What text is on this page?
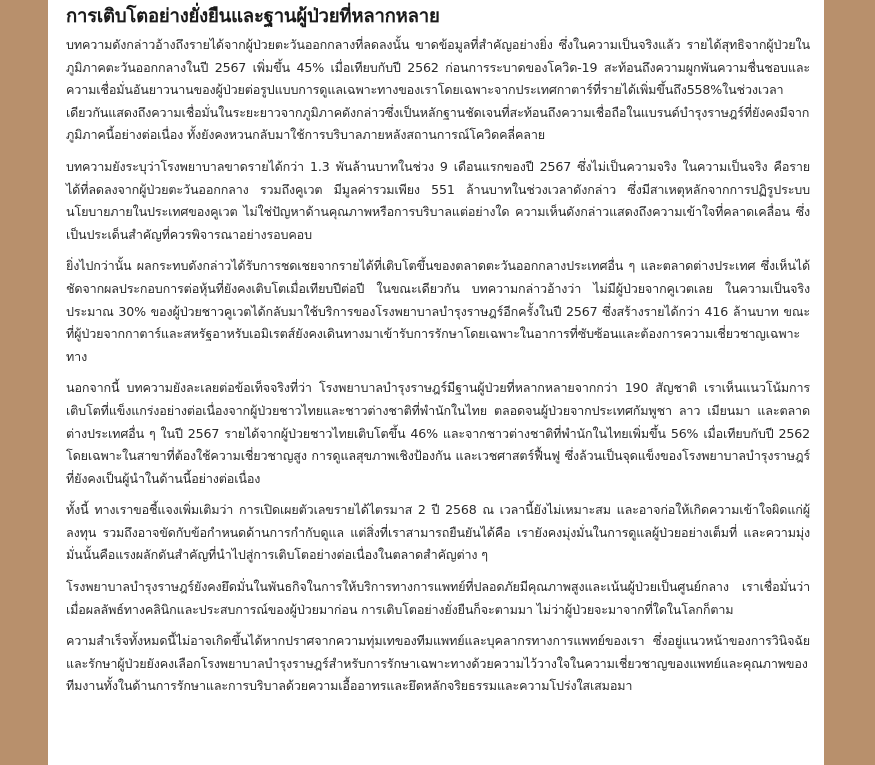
การเติบโตอย่างยั่งยืนและฐานผู้ป่วยที่หลากหลาย

บทความดังกล่าวอ้างถึงรายได้จากผู้ป่วยตะวันออกกลางที่ลดลงนั้น ขาดข้อมูลที่สำคัญอย่างยิ่ง ซึ่งในความเป็นจริงแล้ว รายได้สุทธิจากผู้ป่วยในภูมิภาคตะวันออกกลางในปี 2567 เพิ่มขึ้น 45% เมื่อเทียบกับปี 2562 ก่อนการระบาดของโควิด-19 สะท้อนถึงความผูกพันความชื่นชอบและความเชื่อมั่นอันยาวนานของผู้ป่วยต่อรูปแบบการดูแลเฉพาะทางของเราโดยเฉพาะจากประเทศกาตาร์ที่รายได้เพิ่มขึ้นถึง558%ในช่วงเวลาเดียวกันแสดงถึงความเชื่อมั่นในระยะยาวจากภูมิภาคดังกล่าวซึ่งเป็นหลักฐานชัดเจนที่สะท้อนถึงความเชื่อถือในแบรนด์บำรุงราษฎร์ที่ยังคงมีจากภูมิภาคนี้อย่างต่อเนื่อง ทั้งยังคงหวนกลับมาใช้การบริบาลภายหลังสถานการณ์โควิดคลี่คลาย

บทความยังระบุว่าโรงพยาบาลขาดรายได้กว่า 1.3 พันล้านบาทในช่วง 9 เดือนแรกของปี 2567 ซึ่งไม่เป็นความจริง ในความเป็นจริง คือรายได้ที่ลดลงจากผู้ป่วยตะวันออกกลาง รวมถึงคูเวต มีมูลค่ารวมเพียง 551 ล้านบาทในช่วงเวลาดังกล่าว ซึ่งมีสาเหตุหลักจากการปฏิรูประบบนโยบายภายในประเทศของคูเวต ไม่ใช่ปัญหาด้านคุณภาพหรือการบริบาลแต่อย่างใด ความเห็นดังกล่าวแสดงถึงความเข้าใจที่คลาดเคลื่อน ซึ่งเป็นประเด็นสำคัญที่ควรพิจารณาอย่างรอบคอบ

ยิ่งไปกว่านั้น ผลกระทบดังกล่าวได้รับการชดเชยจากรายได้ที่เติบโตขึ้นของตลาดตะวันออกกลางประเทศอื่น ๆ และตลาดต่างประเทศ ซึ่งเห็นได้ชัดจากผลประกอบการต่อหุ้นที่ยังคงเติบโตเมื่อเทียบปีต่อปี ในขณะเดียวกัน บทความกล่าวอ้างว่า ไม่มีผู้ป่วยจากคูเวตเลย ในความเป็นจริง ประมาณ 30% ของผู้ป่วยชาวคูเวตได้กลับมาใช้บริการของโรงพยาบาลบำรุงราษฎร์อีกครั้งในปี 2567 ซึ่งสร้างรายได้กว่า 416 ล้านบาท ขณะที่ผู้ป่วยจากกาตาร์และสหรัฐอาหรับเอมิเรตส์ยังคงเดินทางมาเข้ารับการรักษาโดยเฉพาะในอาการที่ซับซ้อนและต้องการความเชี่ยวชาญเฉพาะทาง

นอกจากนี้ บทความยังละเลยต่อข้อเท็จจริงที่ว่า โรงพยาบาลบำรุงราษฎร์มีฐานผู้ป่วยที่หลากหลายจากกว่า 190 สัญชาติ เราเห็นแนวโน้มการเติบโตที่แข็งแกร่งอย่างต่อเนื่องจากผู้ป่วยชาวไทยและชาวต่างชาติที่พำนักในไทย ตลอดจนผู้ป่วยจากประเทศกัมพูชา ลาว เมียนมา และตลาดต่างประเทศอื่น ๆ ในปี 2567 รายได้จากผู้ป่วยชาวไทยเติบโตขึ้น 46% และจากชาวต่างชาติที่พำนักในไทยเพิ่มขึ้น 56% เมื่อเทียบกับปี 2562 โดยเฉพาะในสาขาที่ต้องใช้ความเชี่ยวชาญสูง การดูแลสุขภาพเชิงป้องกัน และเวชศาสตร์ฟื้นฟู ซึ่งล้วนเป็นจุดแข็งของโรงพยาบาลบำรุงราษฎร์ที่ยังคงเป็นผู้นำในด้านนี้อย่างต่อเนื่อง

ทั้งนี้ ทางเราขอชี้แจงเพิ่มเติมว่า การเปิดเผยตัวเลขรายได้ไตรมาส 2 ปี 2568 ณ เวลานี้ยังไม่เหมาะสม และอาจก่อให้เกิดความเข้าใจผิดแก่ผู้ลงทุน รวมถึงอาจขัดกับข้อกำหนดด้านการกำกับดูแล แต่สิ่งที่เราสามารถยืนยันได้คือ เรายังคงมุ่งมั่นในการดูแลผู้ป่วยอย่างเต็มที่ และความมุ่งมั่นนั้นคือแรงผลักดันสำคัญที่นำไปสู่การเติบโตอย่างต่อเนื่องในตลาดสำคัญต่าง ๆ

โรงพยาบาลบำรุงราษฎร์ยังคงยึดมั่นในพันธกิจในการให้บริการทางการแพทย์ที่ปลอดภัยมีคุณภาพสูงและเน้นผู้ป่วยเป็นศูนย์กลาง เราเชื่อมั่นว่า เมื่อผลลัพธ์ทางคลินิกและประสบการณ์ของผู้ป่วยมาก่อน การเติบโตอย่างยั่งยืนก็จะตามมา ไม่ว่าผู้ป่วยจะมาจากที่ใดในโลกก็ตาม

ความสำเร็จทั้งหมดนี้ไม่อาจเกิดขึ้นได้หากปราศจากความทุ่มเทของทีมแพทย์และบุคลากรทางการแพทย์ของเรา ซึ่งอยู่แนวหน้าของการวินิจฉัยและรักษาผู้ป่วยยังคงเลือกโรงพยาบาลบำรุงราษฎร์สำหรับการรักษาเฉพาะทางด้วยความไว้วางใจในความเชี่ยวชาญของแพทย์และคุณภาพของทีมงานทั้งในด้านการรักษาและการบริบาลด้วยความเอื้ออาทรและยึดหลักจริยธรรมและความโปร่งใสเสมอมา
